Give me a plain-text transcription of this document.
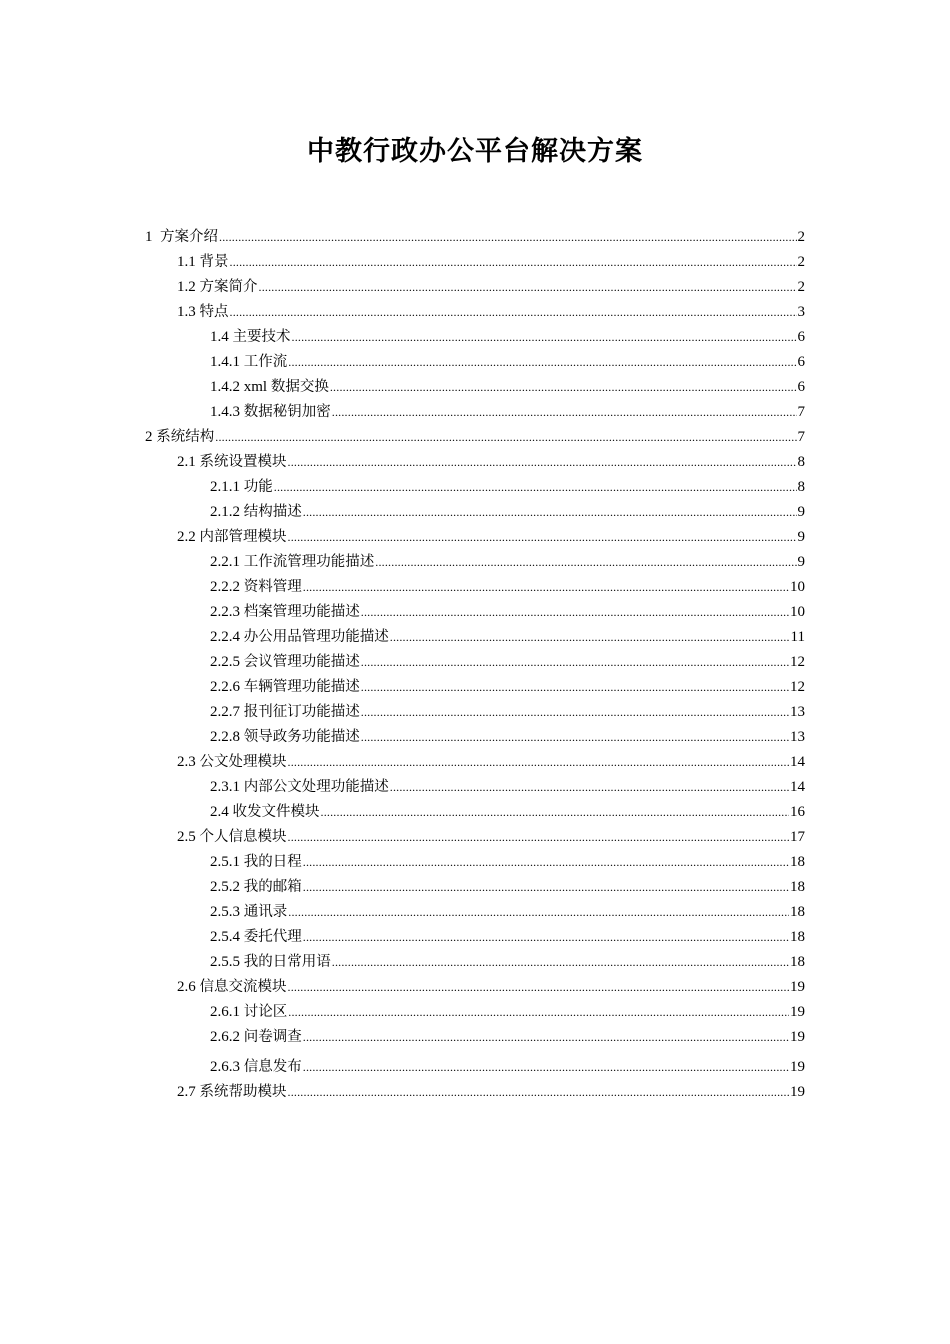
中教行政办公平台解决方案
1 方案介绍 .....	2
1.1 背景 .....	2
1.2 方案简介 .....	2
1.3 特点 .....	3
1.4 主要技术 .....	6
1.4.1 工作流 .....	6
1.4.2 xml 数据交换 .....	6
1.4.3 数据秘钥加密 .....	7
2 系统结构 .....	7
2.1 系统设置模块 .....	8
2.1.1 功能 .....	8
2.1.2 结构描述 .....	9
2.2 内部管理模块 .....	9
2.2.1 工作流管理功能描述 .....	9
2.2.2 资料管理 .....	10
2.2.3 档案管理功能描述 .....	10
2.2.4 办公用品管理功能描述 .....	11
2.2.5 会议管理功能描述 .....	12
2.2.6 车辆管理功能描述 .....	12
2.2.7 报刊征订功能描述 .....	13
2.2.8 领导政务功能描述 .....	13
2.3 公文处理模块 .....	14
2.3.1 内部公文处理功能描述 .....	14
2.4 收发文件模块 .....	16
2.5 个人信息模块 .....	17
2.5.1 我的日程 .....	18
2.5.2 我的邮箱 .....	18
2.5.3 通讯录 .....	18
2.5.4 委托代理 .....	18
2.5.5 我的日常用语 .....	18
2.6 信息交流模块 .....	19
2.6.1 讨论区 .....	19
2.6.2 问卷调查 .....	19
2.6.3 信息发布 .....	19
2.7 系统帮助模块 .....	19
